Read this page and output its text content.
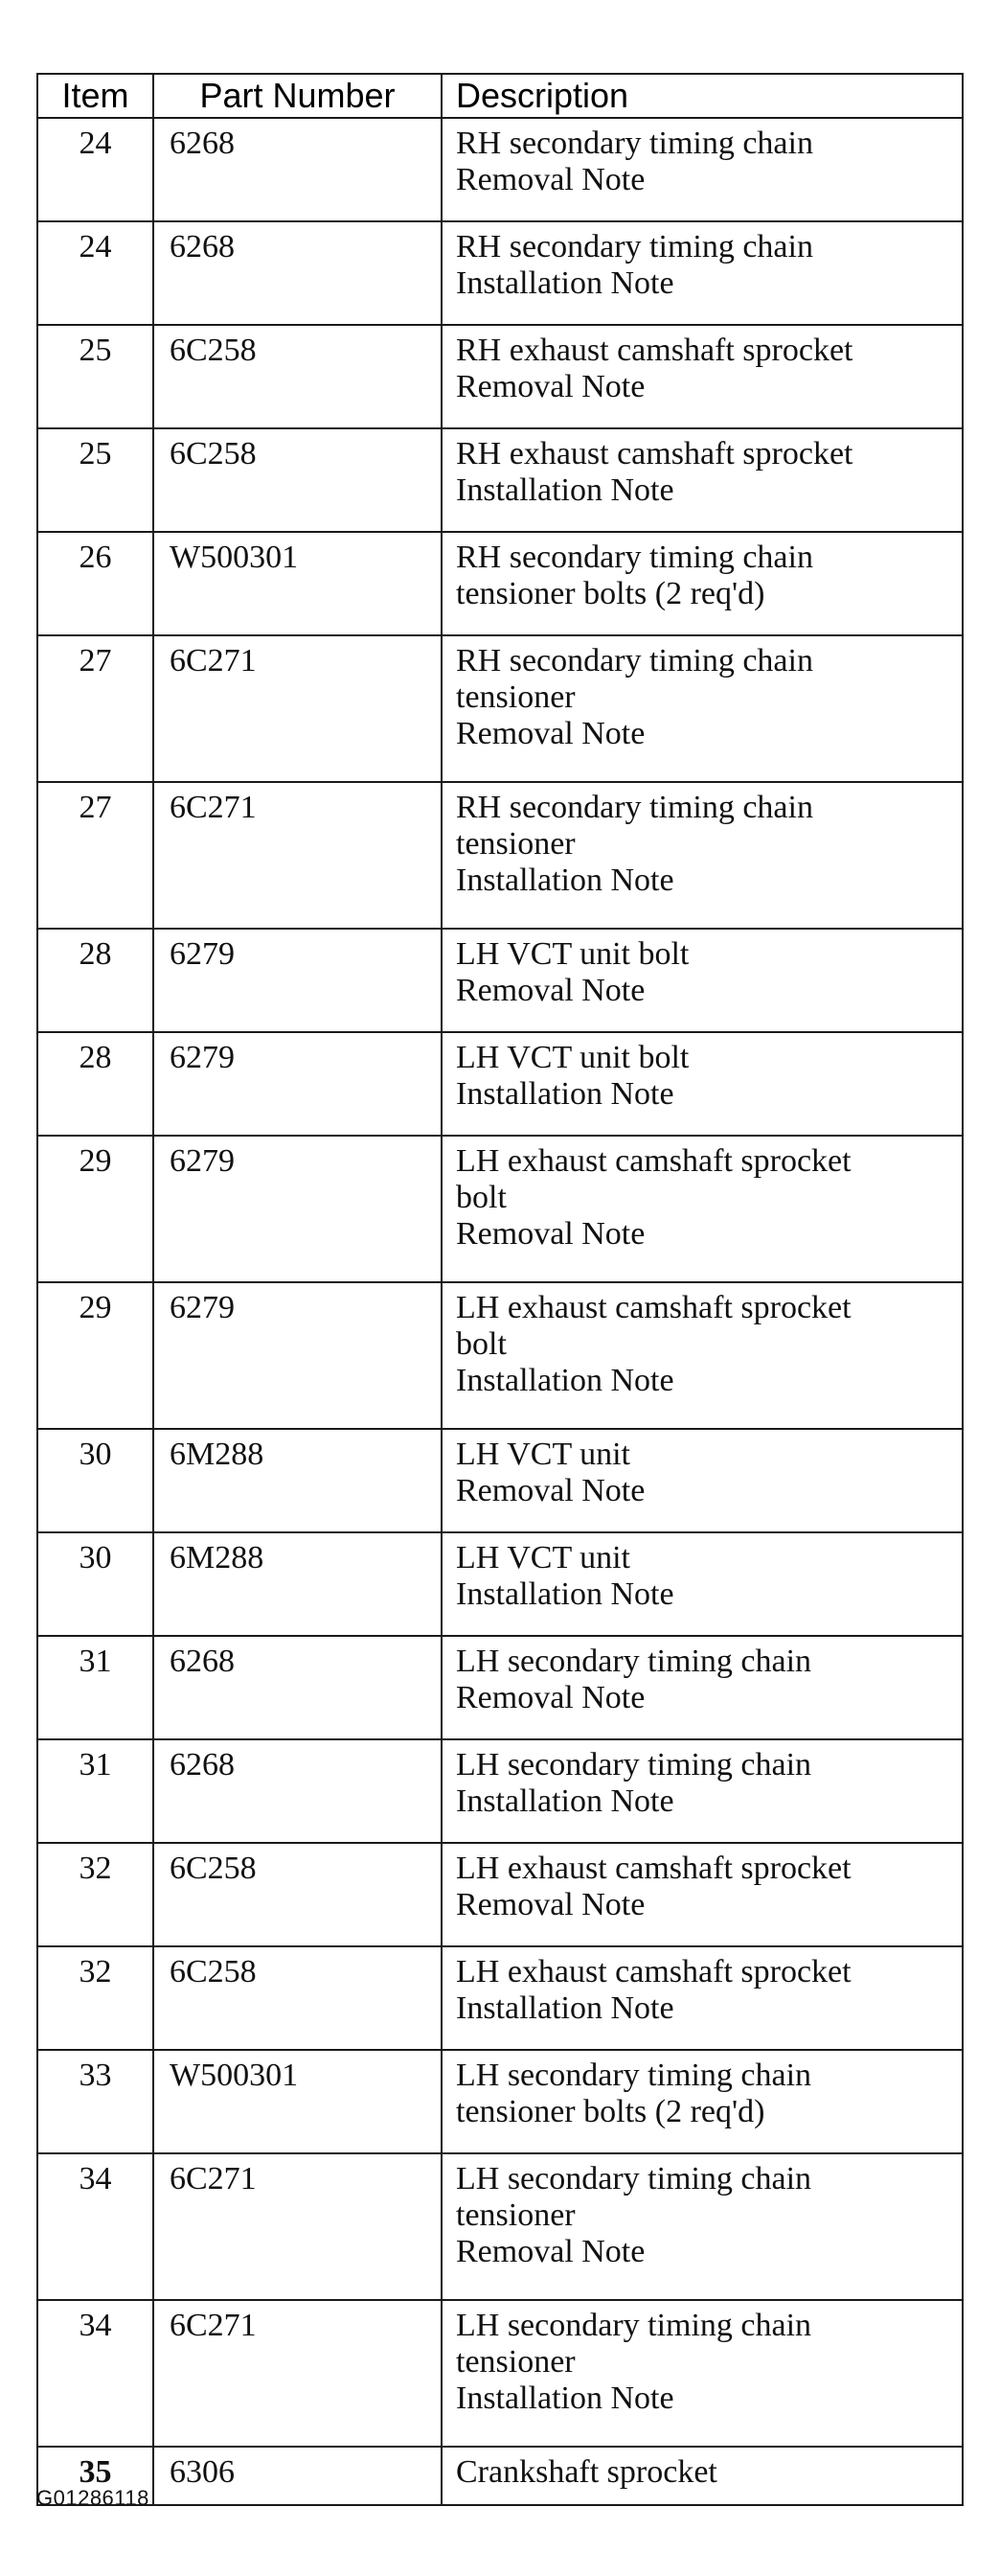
Item	Part Number	Description
24	6268	RH secondary timing chain
Removal Note

24	6268	RH secondary timing chain
Installation Note

25	6C258	RH exhaust camshaft sprocket
Removal Note

25	6C258	RH exhaust camshaft sprocket
Installation Note

26	W500301	RH secondary timing chain
tensioner bolts (2 req'd)

27	6C271	RH secondary timing chain
tensioner
Removal Note

27	6C271	RH secondary timing chain
tensioner
Installation Note

28	6279	LH VCT unit bolt
Removal Note

28	6279	LH VCT unit bolt
Installation Note

29	6279	LH exhaust camshaft sprocket
bolt
Removal Note

29	6279	LH exhaust camshaft sprocket
bolt
Installation Note

30	6M288	LH VCT unit
Removal Note

30	6M288	LH VCT unit
Installation Note

31	6268	LH secondary timing chain
Removal Note

31	6268	LH secondary timing chain
Installation Note

32	6C258	LH exhaust camshaft sprocket
Removal Note

32	6C258	LH exhaust camshaft sprocket
Installation Note

33	W500301	LH secondary timing chain
tensioner bolts (2 req'd)

34	6C271	LH secondary timing chain
tensioner
Removal Note

34	6C271	LH secondary timing chain
tensioner
Installation Note

35	6306	Crankshaft sprocket
G01286118
